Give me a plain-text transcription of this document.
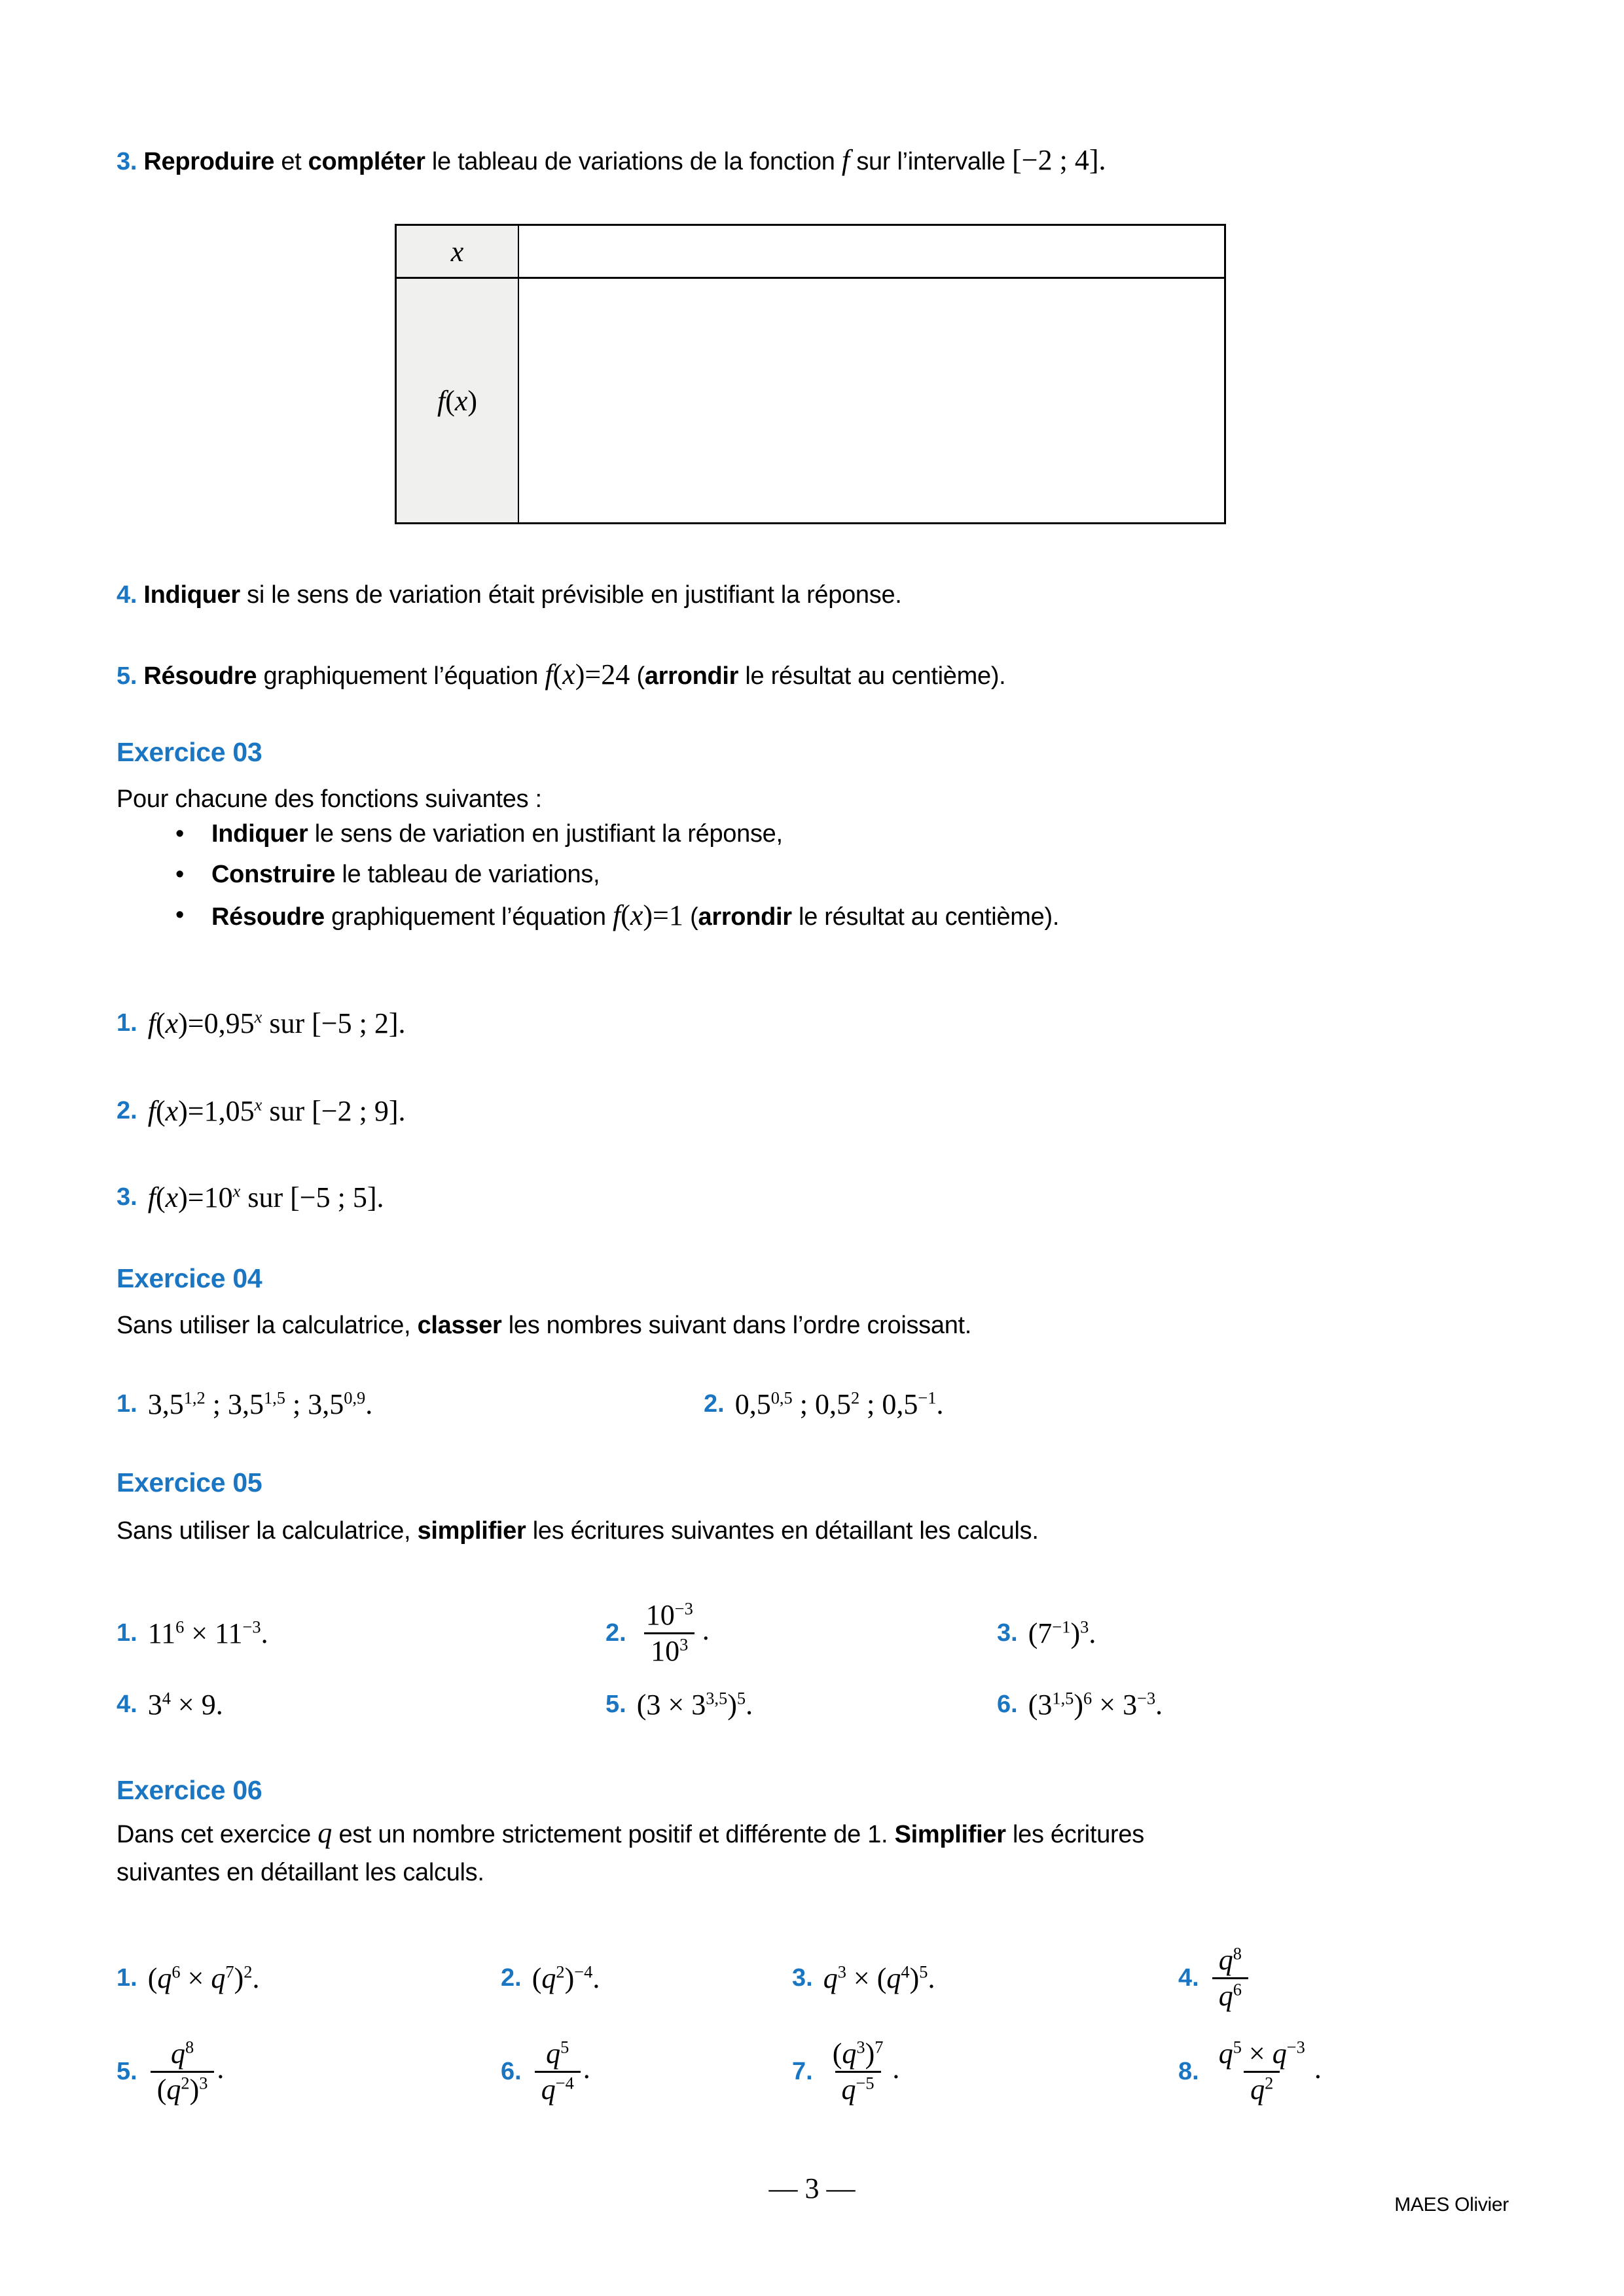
3. Reproduire et compléter le tableau de variations de la fonction f sur l’intervalle [−2 ; 4].
x
f(x)
4. Indiquer si le sens de variation était prévisible en justifiant la réponse.
5. Résoudre graphiquement l’équation f(x)=24 (arrondir le résultat au centième).
Exercice 03
Pour chacune des fonctions suivantes :
• Indiquer le sens de variation en justifiant la réponse,
• Construire le tableau de variations,
• Résoudre graphiquement l’équation f(x)=1 (arrondir le résultat au centième).
1. $f(x)=0,95^x$ sur [−5 ; 2].
2. $f(x)=1,05^x$ sur [−2 ; 9].
3. $f(x)=10^x$ sur [−5 ; 5].
Exercice 04
Sans utiliser la calculatrice, classer les nombres suivant dans l’ordre croissant.
1. 3,5$^{1,2}$ ; 3,5$^{1,5}$ ; 3,5$^{0,9}$.	2. 0,5$^{0,5}$ ; $0,5^2$ ; $0,5^{-1}$.
Exercice 05
Sans utiliser la calculatrice, simplifier les écritures suivantes en détaillant les calculs.
1. $11^6 \times 11^{-3}$.	2. $\frac{10^{-3}}{10^3}$ .	3. $(7^{-1})^3$.
4. $3^4 \times 9$.	5. $(3 \times 3^{3,5})^5$.	6. $(3^{1,5})^6 \times 3^{-3}$.
Exercice 06
Dans cet exercice q est un nombre strictement positif et différente de 1. Simplifier les écritures
suivantes en détaillant les calculs.
1. $(q^6 \times q^7)^2$.	2. $(q^2)^{-4}$.	3. $q^3 \times (q^4)^5$.	4. $\frac{q^8}{q^6}$
5. $\frac{q^8}{(q^2)^3}$ .	6. $\frac{q^5}{q^{-4}}$ .	7. $\frac{(q^3)^7}{q^{-5}}$ .	8. $\frac{q^5 \times q^{-3}}{q^2}$ .
— 3 —
MAES Olivier
